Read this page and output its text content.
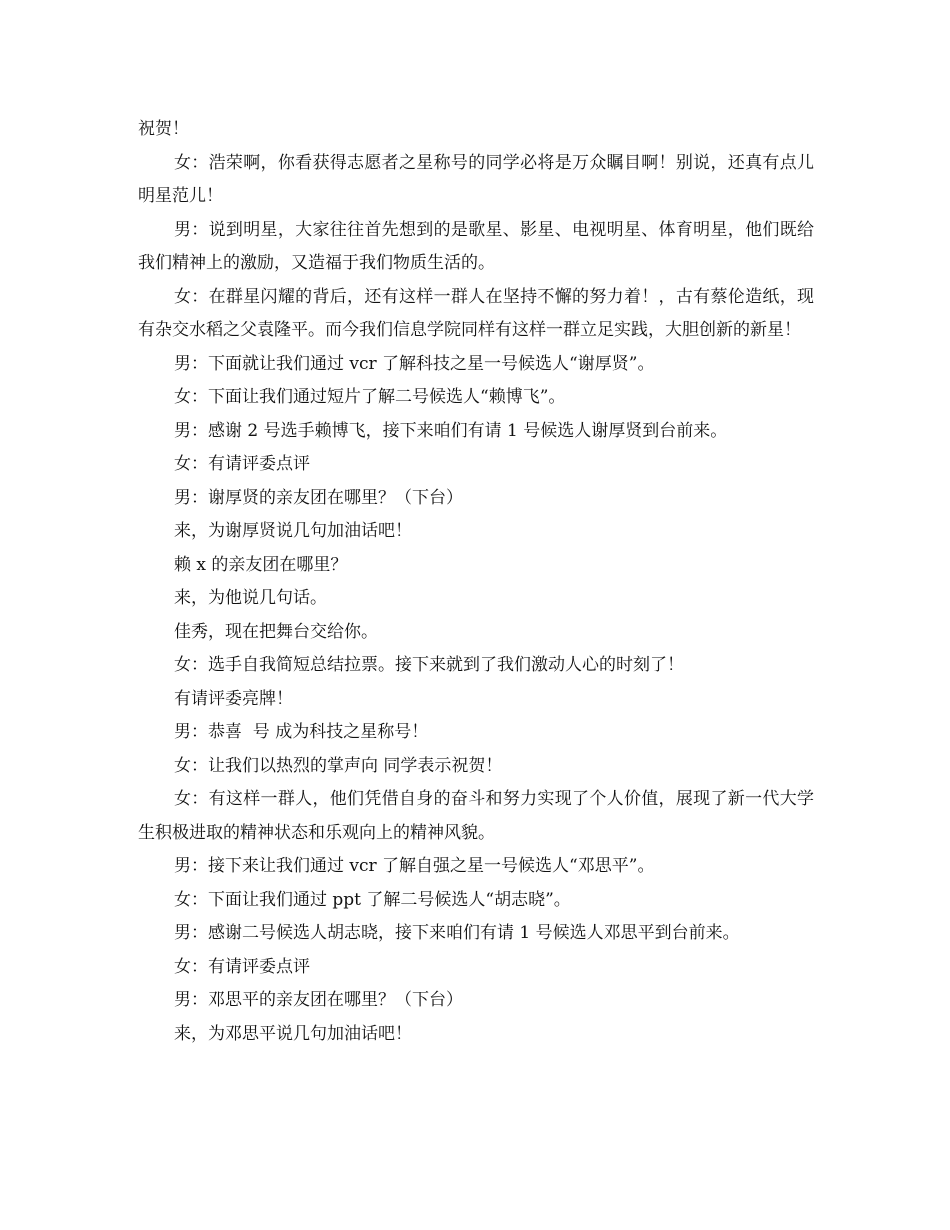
祝贺！

女：浩荣啊，你看获得志愿者之星称号的同学必将是万众瞩目啊！别说，还真有点儿明星范儿！

男：说到明星，大家往往首先想到的是歌星、影星、电视明星、体育明星，他们既给我们精神上的激励，又造福于我们物质生活的。

女：在群星闪耀的背后，还有这样一群人在坚持不懈的努力着！，古有蔡伦造纸，现有杂交水稻之父袁隆平。而今我们信息学院同样有这样一群立足实践，大胆创新的新星！

男：下面就让我们通过 vcr 了解科技之星一号候选人“谢厚贤”。

女：下面让我们通过短片了解二号候选人“赖博飞”。

男：感谢 2 号选手赖博飞，接下来咱们有请 1 号候选人谢厚贤到台前来。

女：有请评委点评

男：谢厚贤的亲友团在哪里？（下台）

来，为谢厚贤说几句加油话吧！

赖 x 的亲友团在哪里？

来，为他说几句话。

佳秀，现在把舞台交给你。

女：选手自我简短总结拉票。接下来就到了我们激动人心的时刻了！

有请评委亮牌！

男：恭喜  号 成为科技之星称号！

女：让我们以热烈的掌声向 同学表示祝贺！

女：有这样一群人，他们凭借自身的奋斗和努力实现了个人价值，展现了新一代大学生积极进取的精神状态和乐观向上的精神风貌。

男：接下来让我们通过 vcr 了解自强之星一号候选人“邓思平”。

女：下面让我们通过 ppt 了解二号候选人“胡志晓”。

男：感谢二号候选人胡志晓，接下来咱们有请 1 号候选人邓思平到台前来。

女：有请评委点评

男：邓思平的亲友团在哪里？（下台）

来，为邓思平说几句加油话吧！
